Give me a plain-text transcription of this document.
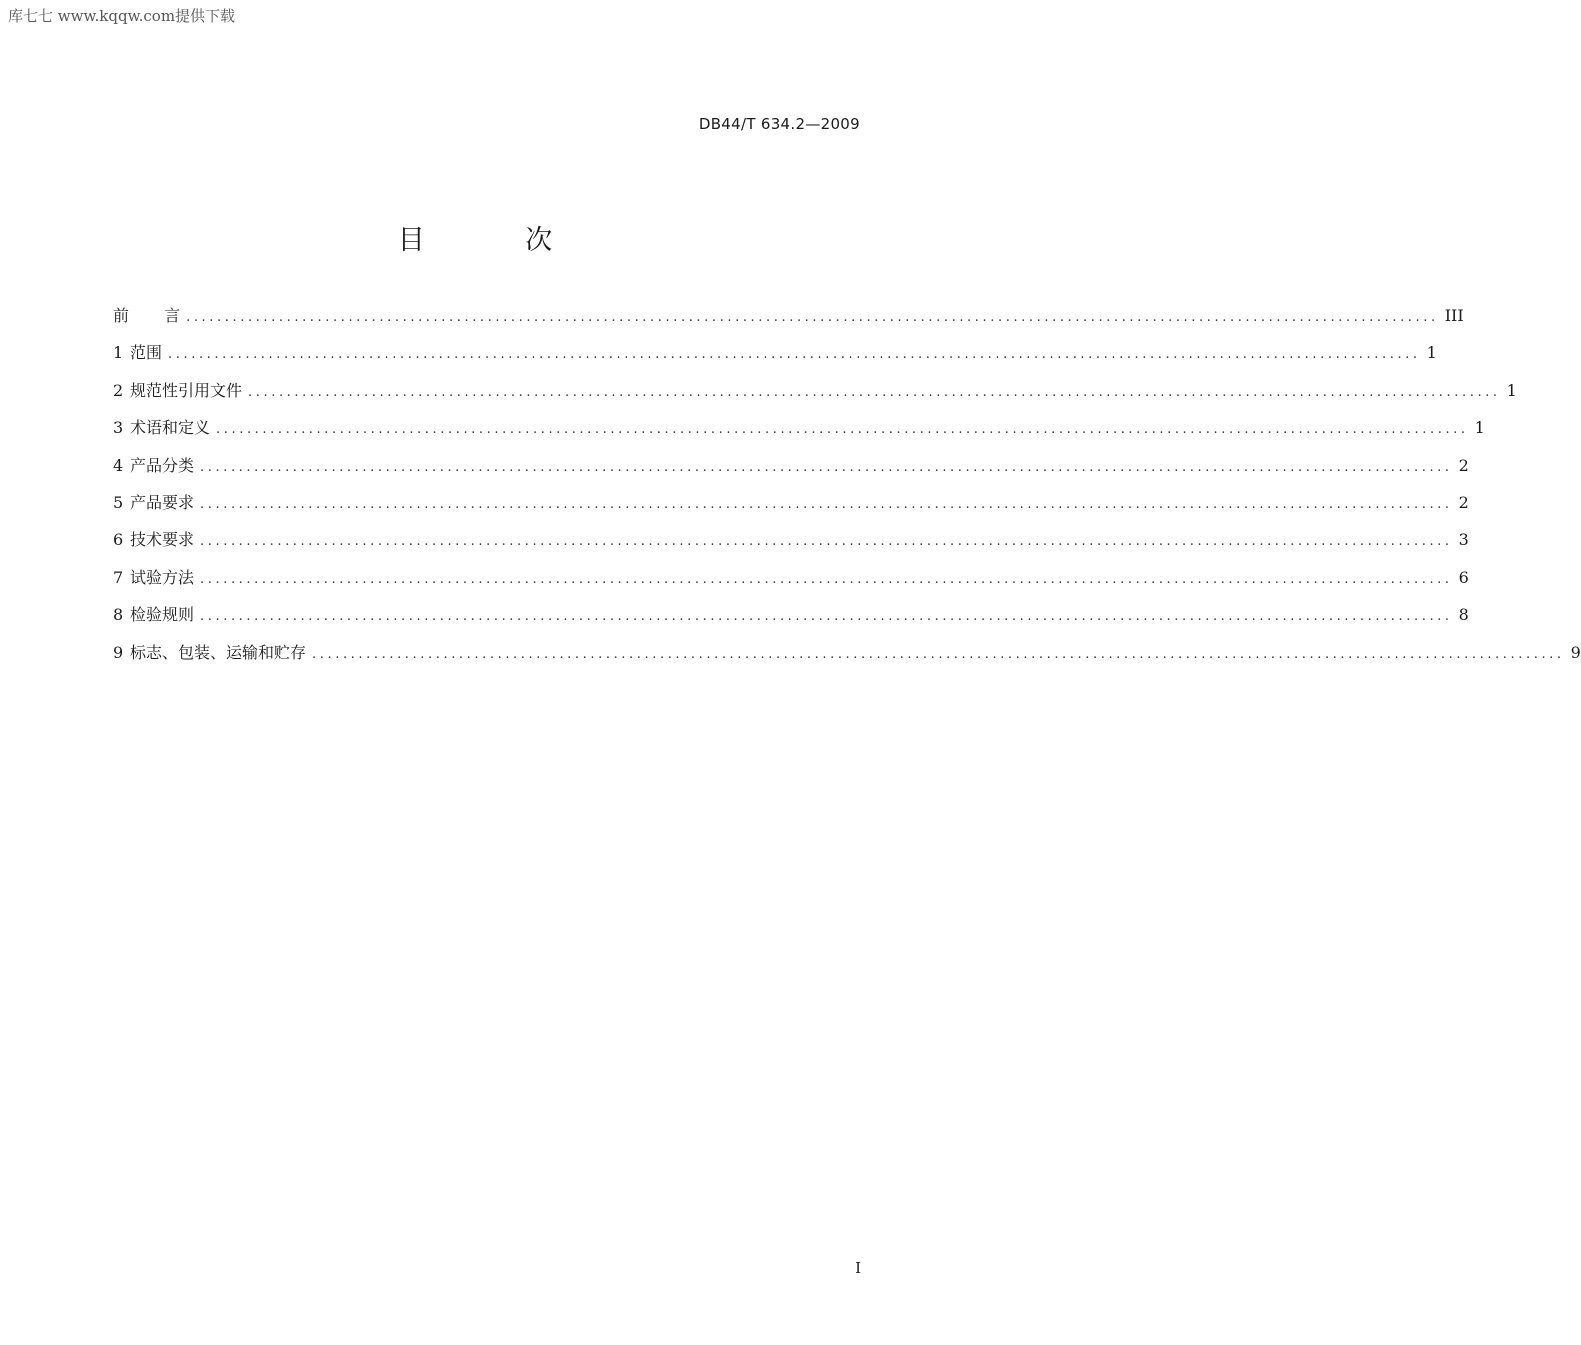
库七七 www.kqqw.com提供下载
DB44/T 634.2—2009
目 次
前 言 .................................................................................................................................................................. III
1 范围 .................................................................................................................................................................. 1
2 规范性引用文件 .................................................................................................................................................................. 1
3 术语和定义 .................................................................................................................................................................. 1
4 产品分类 .................................................................................................................................................................. 2
5 产品要求 .................................................................................................................................................................. 2
6 技术要求 .................................................................................................................................................................. 3
7 试验方法 .................................................................................................................................................................. 6
8 检验规则 .................................................................................................................................................................. 8
9 标志、包装、运输和贮存 .................................................................................................................................................................. 9
I
